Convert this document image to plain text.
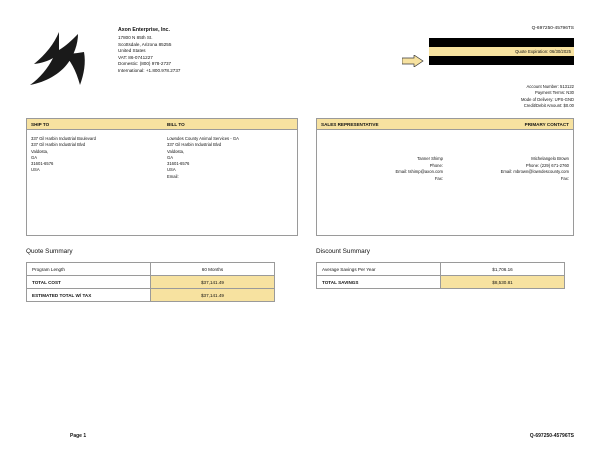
Axon Enterprise, Inc.
17800 N 85th St.
Scottsdale, Arizona 85255
United States
VAT: 86-0741227
Domestic: (800) 978-2737
International: +1.800.978.2737
Q-697250-45796TS
Issued: 05/19/2025
Quote Expiration: 06/30/2025
Estimated Contract Start Date: 10/01/2025
Account Number: 513122
Payment Terms: N30
Mode of Delivery: UPS-GND
Credit/Debit Amount: $0.00
SHIP TO	BILL TO
337 Gil Harbin Industrial Boulevard
337 Gil Harbin Industrial Blvd
Valdosta,
GA
31601-6576
USA
Lowndes County Animal Services - GA
337 Gil Harbin Industrial Blvd
Valdosta,
GA
31601-6576
USA
Email:
SALES REPRESENTATIVE	PRIMARY CONTACT
Tanner Shimp
Phone:
Email: tshimp@axon.com
Fax:
Michelangelo Brown
Phone: (229) 671-2760
Email: mbrown@lowndescounty.com
Fax:
Quote Summary
Program Length	60 Months
TOTAL COST	$37,141.49
ESTIMATED TOTAL W/ TAX	$37,141.49
Discount Summary
Average Savings Per Year	$1,706.16
TOTAL SAVINGS	$8,530.81
Page 1	Q-697250-45796TS
